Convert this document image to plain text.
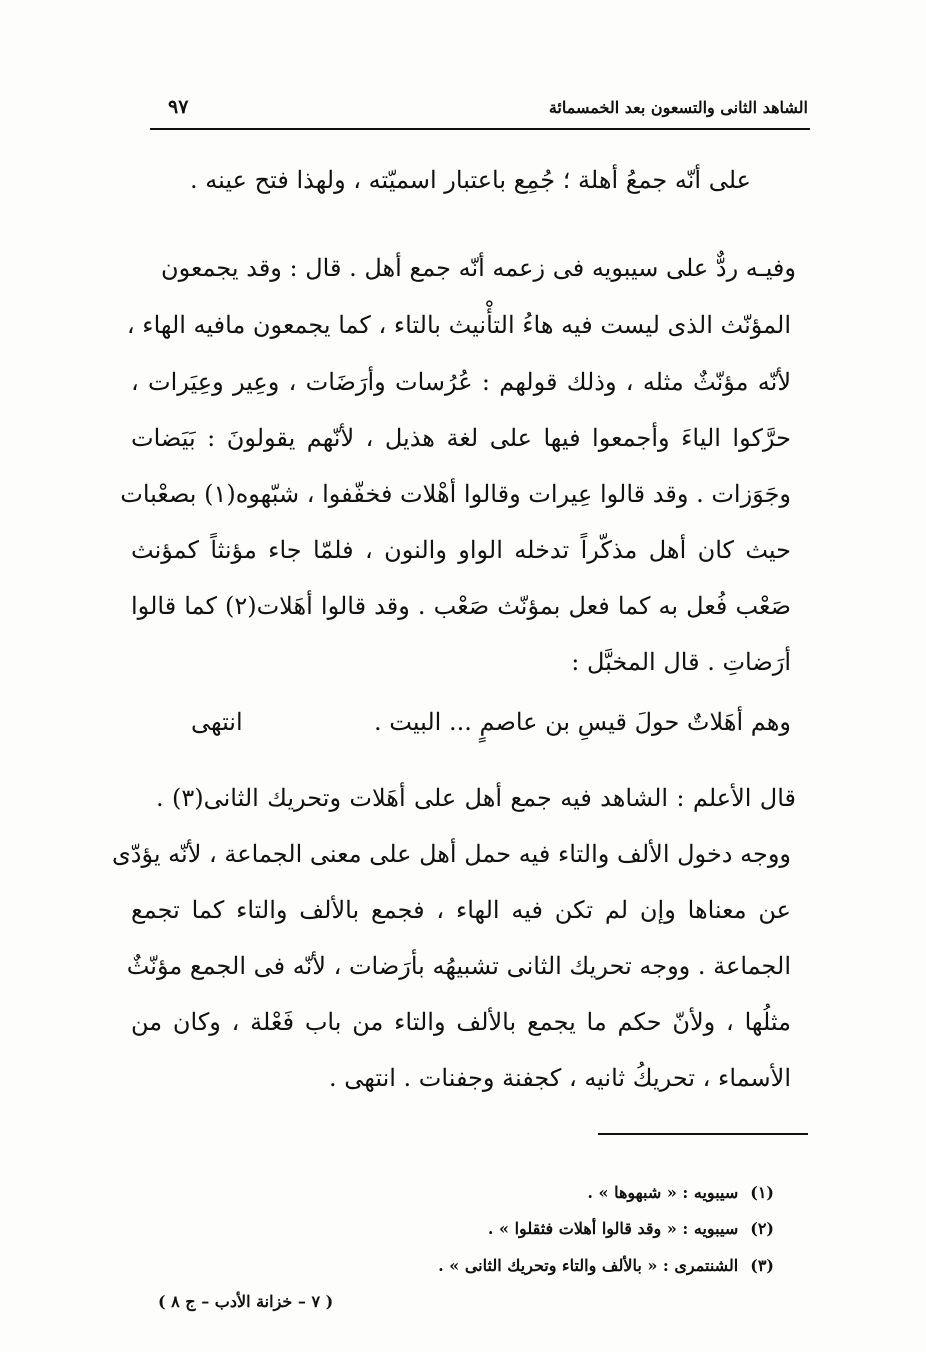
الشاهد الثانى والتسعون بعد الخمسمائة
٩٧
على أنّه جمعُ أهلة ؛ جُمِع باعتبار اسميّته ، ولهذا فتح عينه .
وفيـه ردٌّ على سيبويه فى زعمه أنّه جمع أهل . قال : وقد يجمعون
المؤنّث الذى ليست فيه هاءُ التأْنيث بالتاء ، كما يجمعون مافيه الهاء ،
لأنّه مؤنّثٌ مثله ، وذلك قولهم : عُرُسات وأرَضَات ، وعِير وعِيَرات ،
حرَّكوا الياءَ وأجمعوا فيها على لغة هذيل ، لأنّهم يقولونَ : بَيَضات
وجَوَزات . وقد قالوا عِيرات وقالوا أهْلات فخفّفوا ، شبّهوه(١) بصعْبات
حيث كان أهل مذكّراً تدخله الواو والنون ، فلمّا جاء مؤنثاً كمؤنث
صَعْب فُعل به كما فعل بمؤنّث صَعْب . وقد قالوا أهَلات(٢) كما قالوا
أرَضاتِ . قال المخبَّل :
وهم أهَلاتٌ حولَ قيسِ بن عاصمٍ ... البيت .
انتهى
قال الأعلم : الشاهد فيه جمع أهل على أهَلات وتحريك الثانى(٣) .
ووجه دخول الألف والتاء فيه حمل أهل على معنى الجماعة ، لأنّه يؤدّى
عن معناها وإن لم تكن فيه الهاء ، فجمع بالألف والتاء كما تجمع
الجماعة . ووجه تحريك الثانى تشبيهُه بأرَضات ، لأنّه فى الجمع مؤنّثٌ
مثلُها ، ولأنّ حكم ما يجمع بالألف والتاء من باب فَعْلة ، وكان من
الأسماء ، تحريكُ ثانيه ، كجفنة وجفنات . انتهى .
(١)سيبويه : « شبهوها » .
(٢)سيبويه : « وقد قالوا أهلات فثقلوا » .
(٣)الشنتمرى : « بالألف والتاء وتحريك الثانى » .
( ٧ – خزانة الأدب – ج ٨ )
